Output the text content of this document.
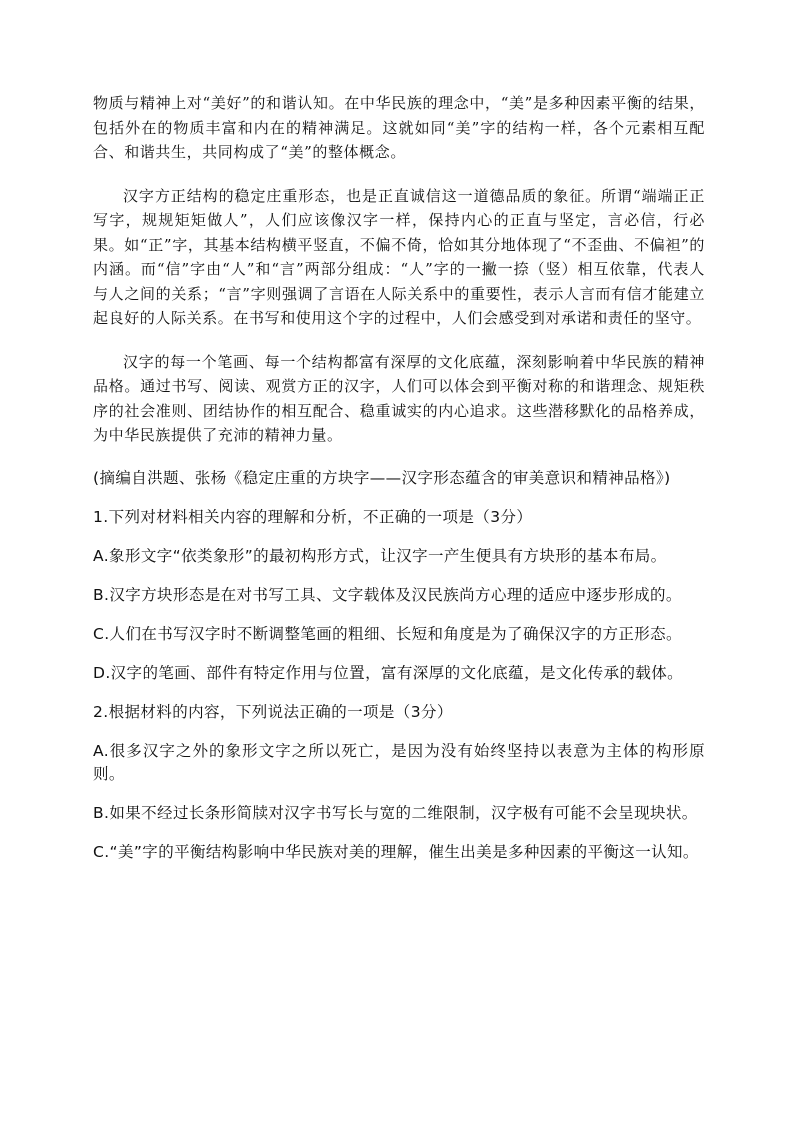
物质与精神上对“美好”的和谐认知。在中华民族的理念中，“美”是多种因素平衡的结果，包括外在的物质丰富和内在的精神满足。这就如同“美”字的结构一样，各个元素相互配合、和谐共生，共同构成了“美”的整体概念。

汉字方正结构的稳定庄重形态，也是正直诚信这一道德品质的象征。所谓“端端正正写字，规规矩矩做人”，人们应该像汉字一样，保持内心的正直与坚定，言必信，行必果。如“正”字，其基本结构横平竖直，不偏不倚，恰如其分地体现了“不歪曲、不偏袒”的内涵。而“信”字由“人”和“言”两部分组成：“人”字的一撇一捺（竖）相互依靠，代表人与人之间的关系；“言”字则强调了言语在人际关系中的重要性，表示人言而有信才能建立起良好的人际关系。在书写和使用这个字的过程中，人们会感受到对承诺和责任的坚守。

汉字的每一个笔画、每一个结构都富有深厚的文化底蕴，深刻影响着中华民族的精神品格。通过书写、阅读、观赏方正的汉字，人们可以体会到平衡对称的和谐理念、规矩秩序的社会准则、团结协作的相互配合、稳重诚实的内心追求。这些潜移默化的品格养成，为中华民族提供了充沛的精神力量。

(摘编自洪题、张杨《稳定庄重的方块字——汉字形态蕴含的审美意识和精神品格》)

1.下列对材料相关内容的理解和分析，不正确的一项是（3分）

A.象形文字“依类象形”的最初构形方式，让汉字一产生便具有方块形的基本布局。

B.汉字方块形态是在对书写工具、文字载体及汉民族尚方心理的适应中逐步形成的。

C.人们在书写汉字时不断调整笔画的粗细、长短和角度是为了确保汉字的方正形态。

D.汉字的笔画、部件有特定作用与位置，富有深厚的文化底蕴，是文化传承的载体。

2.根据材料的内容，下列说法正确的一项是（3分）

A.很多汉字之外的象形文字之所以死亡，是因为没有始终坚持以表意为主体的构形原则。

B.如果不经过长条形简牍对汉字书写长与宽的二维限制，汉字极有可能不会呈现块状。

C.“美”字的平衡结构影响中华民族对美的理解，催生出美是多种因素的平衡这一认知。
